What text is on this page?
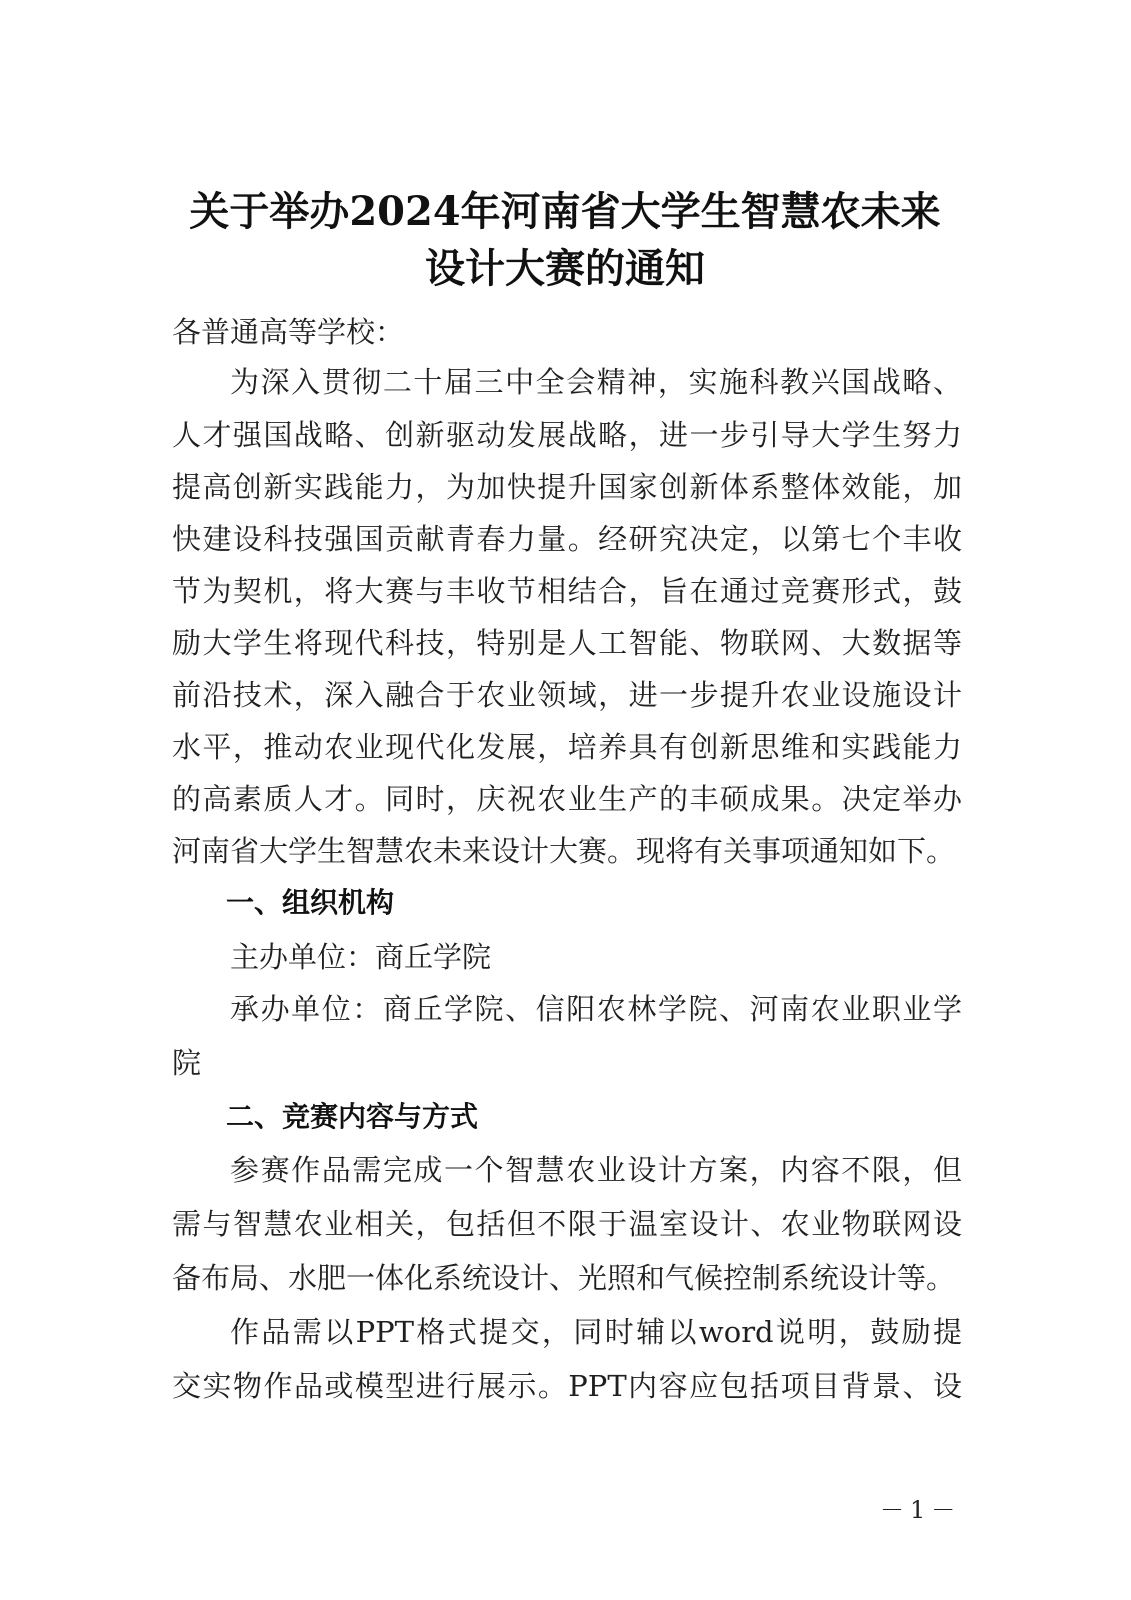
关于举办2024年河南省大学生智慧农未来
设计大赛的通知
各普通高等学校：
为深入贯彻二十届三中全会精神，实施科教兴国战略、
人才强国战略、创新驱动发展战略，进一步引导大学生努力
提高创新实践能力，为加快提升国家创新体系整体效能，加
快建设科技强国贡献青春力量。经研究决定，以第七个丰收
节为契机，将大赛与丰收节相结合，旨在通过竞赛形式，鼓
励大学生将现代科技，特别是人工智能、物联网、大数据等
前沿技术，深入融合于农业领域，进一步提升农业设施设计
水平，推动农业现代化发展，培养具有创新思维和实践能力
的高素质人才。同时，庆祝农业生产的丰硕成果。决定举办
河南省大学生智慧农未来设计大赛。现将有关事项通知如下。
一、组织机构
主办单位：商丘学院
承办单位：商丘学院、信阳农林学院、河南农业职业学
院
二、竞赛内容与方式
参赛作品需完成一个智慧农业设计方案，内容不限，但
需与智慧农业相关，包括但不限于温室设计、农业物联网设
备布局、水肥一体化系统设计、光照和气候控制系统设计等。
作品需以PPT格式提交，同时辅以word说明，鼓励提
交实物作品或模型进行展示。PPT内容应包括项目背景、设
－1－
